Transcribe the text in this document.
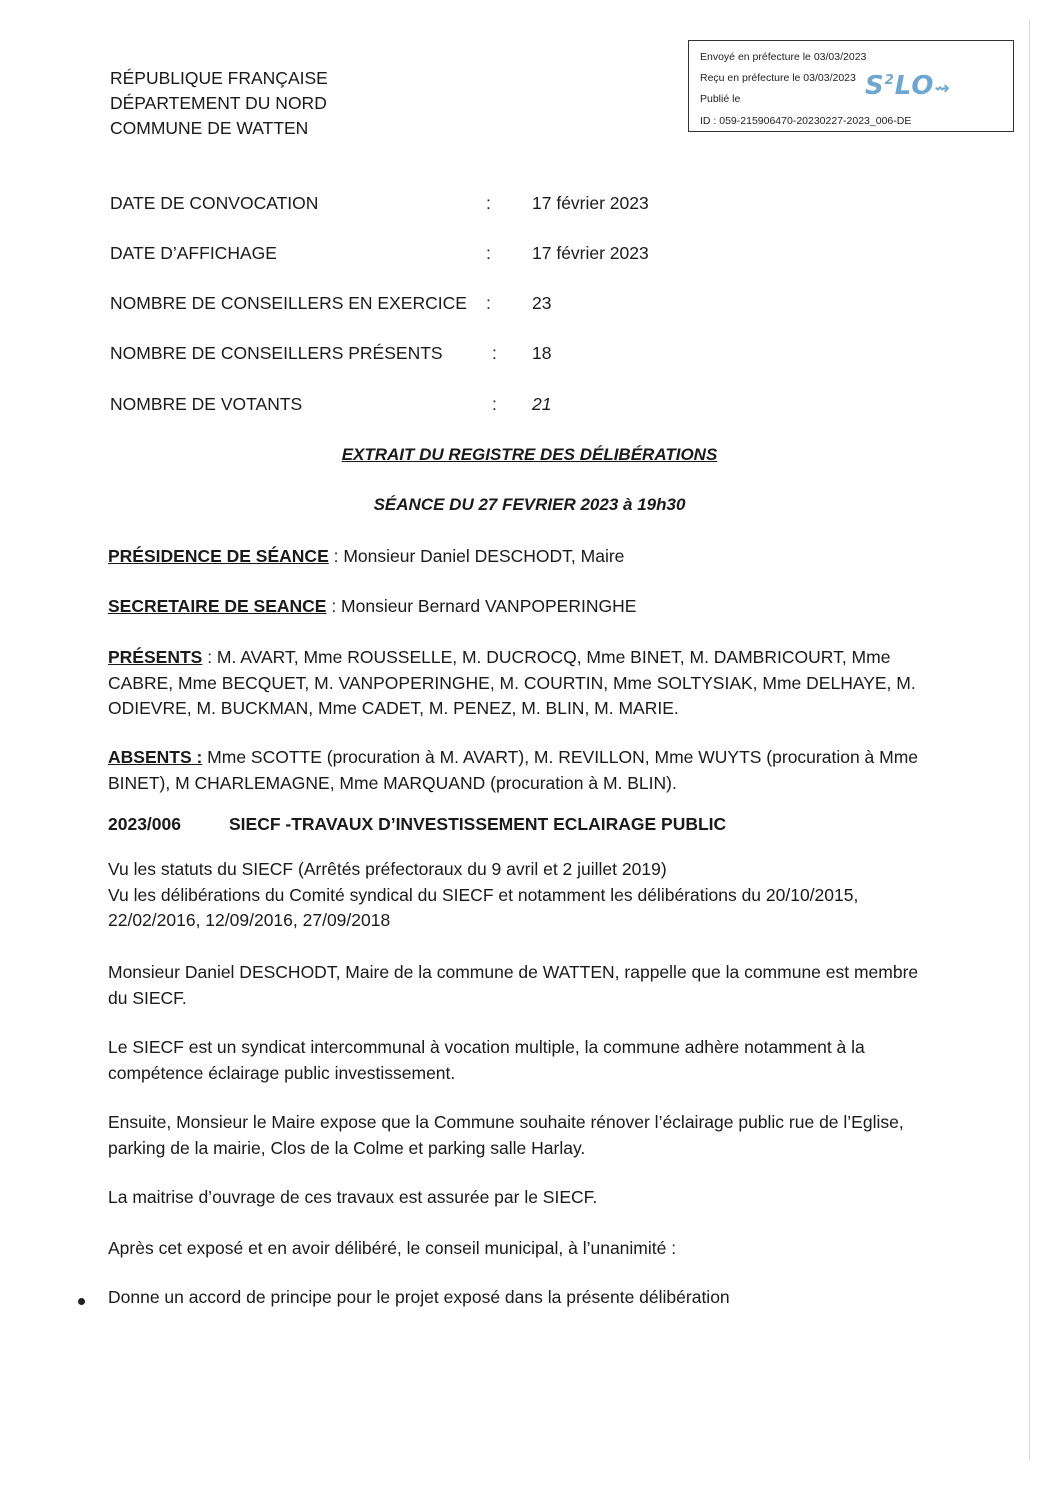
RÉPUBLIQUE FRANÇAISE
DÉPARTEMENT DU NORD
COMMUNE DE WATTEN
Envoyé en préfecture le 03/03/2023
Reçu en préfecture le 03/03/2023
Publié le
ID : 059-215906470-20230227-2023_006-DE
$S^2LO⇝$
DATE DE CONVOCATION	: 17 février 2023
DATE D’AFFICHAGE	: 17 février 2023
NOMBRE DE CONSEILLERS EN EXERCICE : 23
NOMBRE DE CONSEILLERS PRÉSENTS	: 18
NOMBRE DE VOTANTS	: 21
EXTRAIT DU REGISTRE DES DÉLIBÉRATIONS
SÉANCE DU 27 FEVRIER 2023 à 19h30
PRÉSIDENCE DE SÉANCE : Monsieur Daniel DESCHODT, Maire
SECRETAIRE DE SEANCE : Monsieur Bernard VANPOPERINGHE
PRÉSENTS : M. AVART, Mme ROUSSELLE, M. DUCROCQ, Mme BINET, M. DAMBRICOURT, Mme CABRE, Mme BECQUET, M. VANPOPERINGHE, M. COURTIN, Mme SOLTYSIAK, Mme DELHAYE, M. ODIEVRE, M. BUCKMAN, Mme CADET, M. PENEZ, M. BLIN, M. MARIE.
ABSENTS : Mme SCOTTE (procuration à M. AVART), M. REVILLON, Mme WUYTS (procuration à Mme BINET), M CHARLEMAGNE, Mme MARQUAND (procuration à M. BLIN).
2023/006	SIECF -TRAVAUX D’INVESTISSEMENT ECLAIRAGE PUBLIC
Vu les statuts du SIECF (Arrêtés préfectoraux du 9 avril et 2 juillet 2019)
Vu les délibérations du Comité syndical du SIECF et notamment les délibérations du 20/10/2015, 22/02/2016, 12/09/2016, 27/09/2018
Monsieur Daniel DESCHODT, Maire de la commune de WATTEN, rappelle que la commune est membre du SIECF.
Le SIECF est un syndicat intercommunal à vocation multiple, la commune adhère notamment à la compétence éclairage public investissement.
Ensuite, Monsieur le Maire expose que la Commune souhaite rénover l’éclairage public rue de l’Eglise, parking de la mairie, Clos de la Colme et parking salle Harlay.
La maitrise d’ouvrage de ces travaux est assurée par le SIECF.
Après cet exposé et en avoir délibéré, le conseil municipal, à l’unanimité :
Donne un accord de principe pour le projet exposé dans la présente délibération
